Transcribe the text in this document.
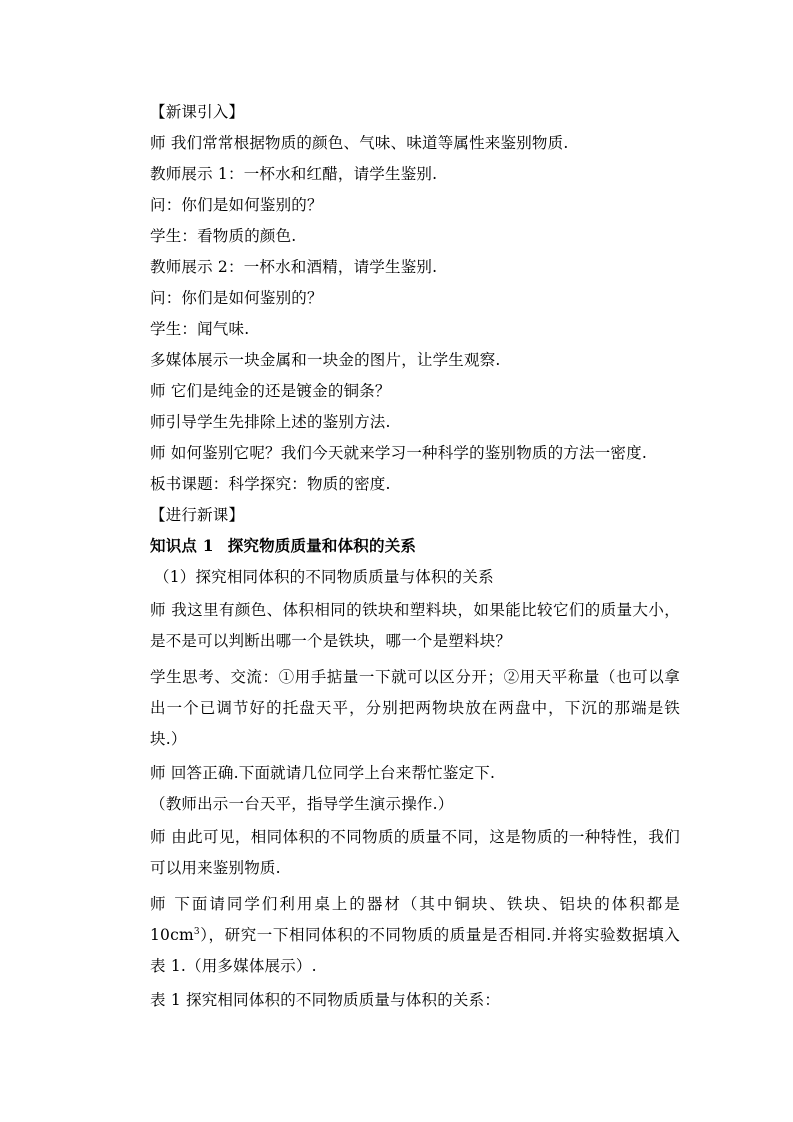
【新课引入】
师 我们常常根据物质的颜色、气味、味道等属性来鉴别物质.
教师展示 1：一杯水和红醋，请学生鉴别.
问：你们是如何鉴别的？
学生：看物质的颜色.
教师展示 2：一杯水和酒精，请学生鉴别.
问：你们是如何鉴别的？
学生：闻气味.
多媒体展示一块金属和一块金的图片，让学生观察.
师 它们是纯金的还是镀金的铜条？
师引导学生先排除上述的鉴别方法.
师 如何鉴别它呢？我们今天就来学习一种科学的鉴别物质的方法一密度.
板书课题：科学探究：物质的密度.
【进行新课】
知识点 1 探究物质质量和体积的关系
（1）探究相同体积的不同物质质量与体积的关系
师 我这里有颜色、体积相同的铁块和塑料块，如果能比较它们的质量大小，是不是可以判断出哪一个是铁块，哪一个是塑料块？
学生思考、交流：①用手掂量一下就可以区分开；②用天平称量（也可以拿出一个已调节好的托盘天平，分别把两物块放在两盘中，下沉的那端是铁块.）
师 回答正确.下面就请几位同学上台来帮忙鉴定下.
（教师出示一台天平，指导学生演示操作.）
师 由此可见，相同体积的不同物质的质量不同，这是物质的一种特性，我们可以用来鉴别物质.
师 下面请同学们利用桌上的器材（其中铜块、铁块、铝块的体积都是 $10cm^3$），研究一下相同体积的不同物质的质量是否相同.并将实验数据填入表 1.（用多媒体展示）.
表 1 探究相同体积的不同物质质量与体积的关系：
